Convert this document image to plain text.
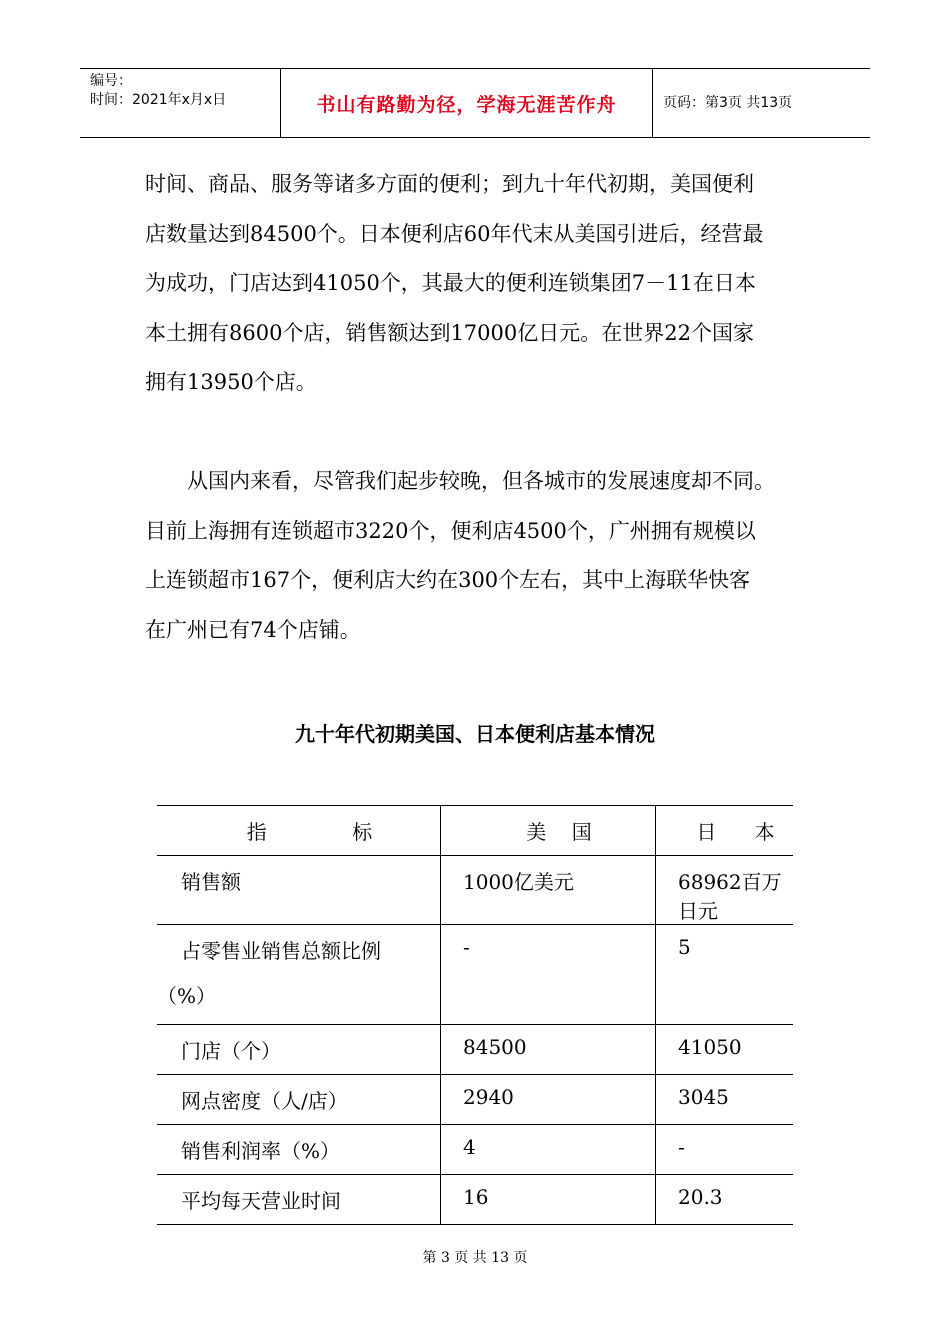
编号：
时间：2021年x月x日	书山有路勤为径，学海无涯苦作舟	页码：第3页 共13页
时间、商品、服务等诸多方面的便利；到九十年代初期，美国便利
店数量达到84500个。日本便利店60年代末从美国引进后，经营最
为成功，门店达到41050个，其最大的便利连锁集团7－11在日本
本土拥有8600个店，销售额达到17000亿日元。在世界22个国家
拥有13950个店。
从国内来看，尽管我们起步较晚，但各城市的发展速度却不同。
目前上海拥有连锁超市3220个，便利店4500个，广州拥有规模以
上连锁超市167个，便利店大约在300个左右，其中上海联华快客
在广州已有74个店铺。
九十年代初期美国、日本便利店基本情况
指          标	美    国	日      本
销售额	1000亿美元	68962百万日元
占零售业销售总额比例
（%）	-	5
门店（个）	84500	41050
网点密度（人/店）	2940	3045
销售利润率（%）	4	-
平均每天营业时间	16	20.3
第 3 页 共 13 页
